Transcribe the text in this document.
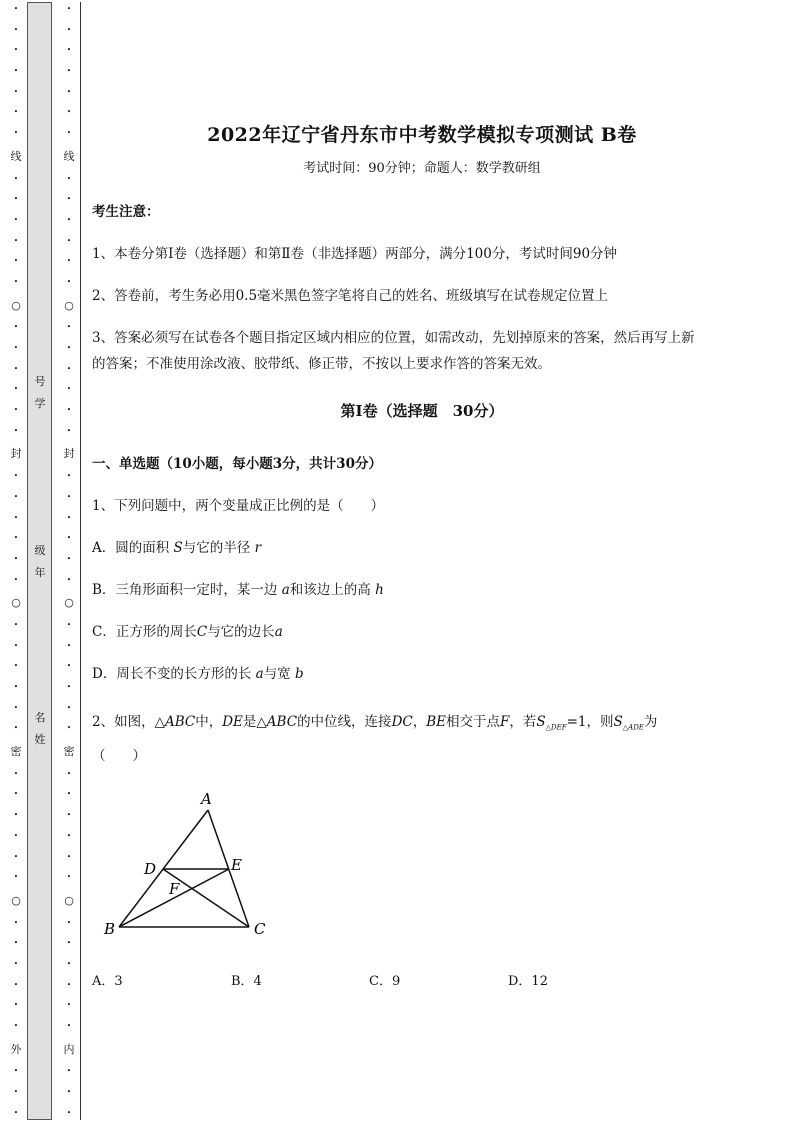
•
•
•
•
•
•
•
线
•
•
•
•
•
•
○
•
•
•
•
•
•
封
•
•
•
•
•
•
○
•
•
•
•
•
•
密
•
•
•
•
•
•
○
•
•
•
•
•
•
外
•
•
•
•
•
•
•
•
•
•
线
•
•
•
•
•
•
○
•
•
•
•
•
•
封
•
•
•
•
•
•
○
•
•
•
•
•
•
密
•
•
•
•
•
•
○
•
•
•
•
•
•
内
•
•
•
号
学
级
年
名
姓
2022年辽宁省丹东市中考数学模拟专项测试 B卷
考试时间：90分钟；命题人：数学教研组
考生注意：
1、本卷分第I卷（选择题）和第Ⅱ卷（非选择题）两部分，满分100分，考试时间90分钟
2、答卷前，考生务必用0.5毫米黑色签字笔将自己的姓名、班级填写在试卷规定位置上
3、答案必须写在试卷各个题目指定区域内相应的位置，如需改动，先划掉原来的答案，然后再写上新
的答案；不准使用涂改液、胶带纸、修正带，不按以上要求作答的答案无效。
第I卷（选择题　30分）
一、单选题（10小题，每小题3分，共计30分）
1、下列问题中，两个变量成正比例的是（　　）
A．圆的面积 S与它的半径 r
B．三角形面积一定时，某一边 a和该边上的高 h
C．正方形的周长C与它的边长a
D．周长不变的长方形的长 a与宽 b
2、如图，△ABC中，DE是△ABC的中位线，连接DC，BE相交于点F，若$S_{\triangle DEF}=1$，则$S_{\triangle ADE}$为
（　　）
A
B	C
D	E
F
A．3	B．4	C．9	D．12
